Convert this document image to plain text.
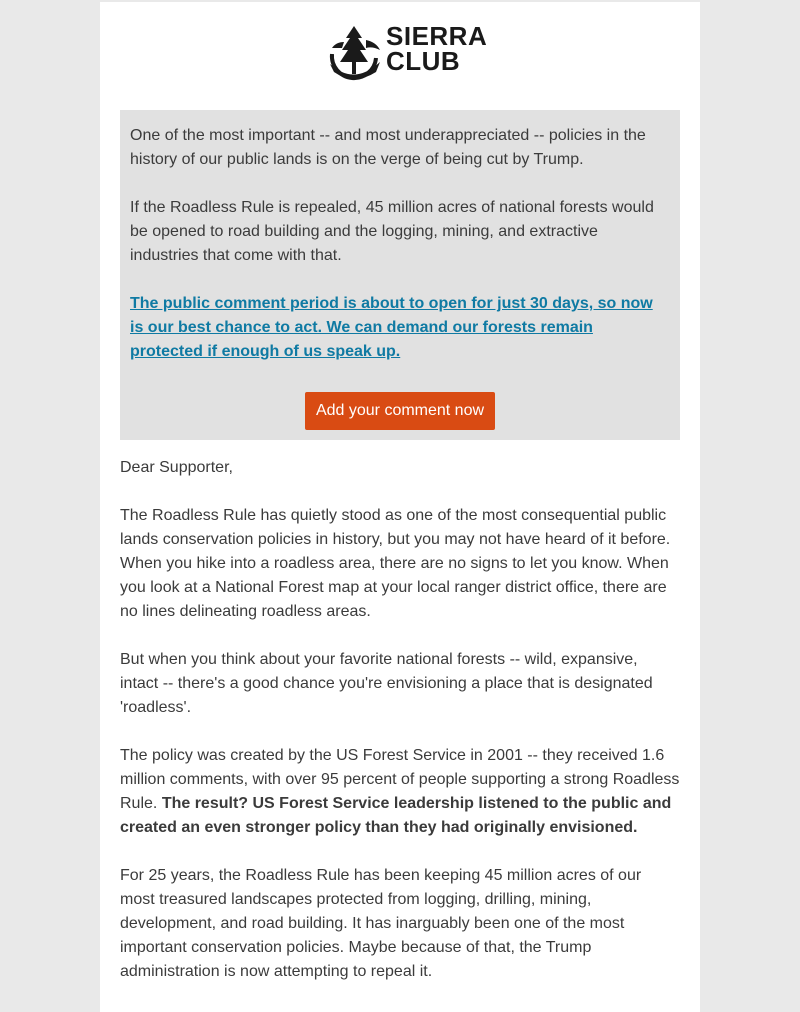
SIERRA
CLUB

One of the most important -- and most underappreciated -- policies in the history of our public lands is on the verge of being cut by Trump.

If the Roadless Rule is repealed, 45 million acres of national forests would be opened to road building and the logging, mining, and extractive industries that come with that.

The public comment period is about to open for just 30 days, so now is our best chance to act. We can demand our forests remain protected if enough of us speak up.

Add your comment now

Dear Supporter,

The Roadless Rule has quietly stood as one of the most consequential public lands conservation policies in history, but you may not have heard of it before. When you hike into a roadless area, there are no signs to let you know. When you look at a National Forest map at your local ranger district office, there are no lines delineating roadless areas.

But when you think about your favorite national forests -- wild, expansive, intact -- there's a good chance you're envisioning a place that is designated 'roadless'.

The policy was created by the US Forest Service in 2001 -- they received 1.6 million comments, with over 95 percent of people supporting a strong Roadless Rule. The result? US Forest Service leadership listened to the public and created an even stronger policy than they had originally envisioned.

For 25 years, the Roadless Rule has been keeping 45 million acres of our most treasured landscapes protected from logging, drilling, mining, development, and road building. It has inarguably been one of the most important conservation policies. Maybe because of that, the Trump administration is now attempting to repeal it.
